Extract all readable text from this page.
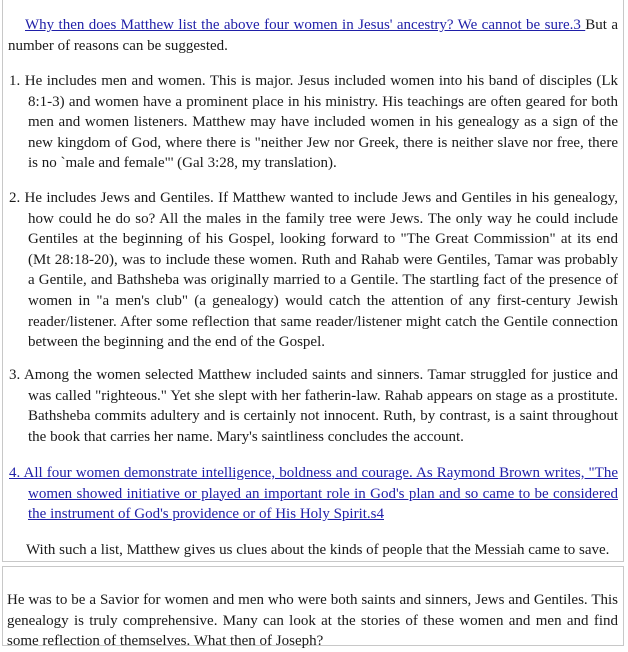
Why then does Matthew list the above four women in Jesus' ancestry? We cannot be sure.3 But a number of reasons can be suggested.

1. He includes men and women. This is major. Jesus included women into his band of disciples (Lk 8:1-3) and women have a prominent place in his ministry. His teachings are often geared for both men and women listeners. Matthew may have included women in his genealogy as a sign of the new kingdom of God, where there is "neither Jew nor Greek, there is neither slave nor free, there is no `male and female"' (Gal 3:28, my translation).

2. He includes Jews and Gentiles. If Matthew wanted to include Jews and Gentiles in his genealogy, how could he do so? All the males in the family tree were Jews. The only way he could include Gentiles at the beginning of his Gospel, looking forward to "The Great Commission" at its end (Mt 28:18-20), was to include these women. Ruth and Rahab were Gentiles, Tamar was probably a Gentile, and Bathsheba was originally married to a Gentile. The startling fact of the presence of women in "a men's club" (a genealogy) would catch the attention of any first-century Jewish reader/listener. After some reflection that same reader/listener might catch the Gentile connection between the beginning and the end of the Gospel.

3. Among the women selected Matthew included saints and sinners. Tamar struggled for justice and was called "righteous." Yet she slept with her fatherin-law. Rahab appears on stage as a prostitute. Bathsheba commits adultery and is certainly not innocent. Ruth, by contrast, is a saint throughout the book that carries her name. Mary's saintliness concludes the account.

4. All four women demonstrate intelligence, boldness and courage. As Raymond Brown writes, "The women showed initiative or played an important role in God's plan and so came to be considered the instrument of God's providence or of His Holy Spirit.s4

With such a list, Matthew gives us clues about the kinds of people that the Messiah came to save.

He was to be a Savior for women and men who were both saints and sinners, Jews and Gentiles. This genealogy is truly comprehensive. Many can look at the stories of these women and men and find some reflection of themselves. What then of Joseph?
